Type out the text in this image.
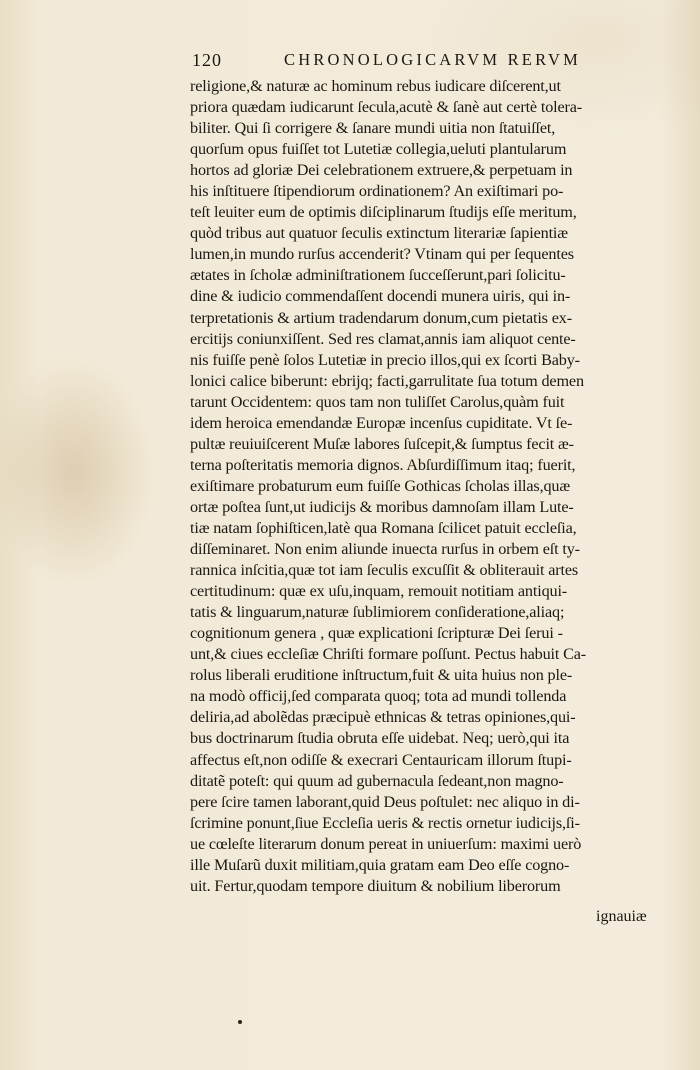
120	CHRONOLOGICARVM RERVM
religione,& naturæ ac hominum rebus iudicare diſcerent,ut
priora quædam iudicarunt ſecula,acutè & ſanè aut certè tolera-
biliter. Qui ſi corrigere & ſanare mundi uitia non ſtatuiſſet,
quorſum opus fuiſſet tot Lutetiæ collegia,ueluti plantularum
hortos ad gloriæ Dei celebrationem extruere,& perpetuam in
his inſtituere ſtipendiorum ordinationem? An exiſtimari po-
teſt leuiter eum de optimis diſciplinarum ſtudijs eſſe meritum,
quòd tribus aut quatuor ſeculis extinctum literariæ ſapientiæ
lumen,in mundo rurſus accenderit? Vtinam qui per ſequentes
ætates in ſcholæ adminiſtrationem ſucceſſerunt,pari ſolicitu-
dine & iudicio commendaſſent docendi munera uiris, qui in-
terpretationis & artium tradendarum donum,cum pietatis ex-
ercitijs coniunxiſſent. Sed res clamat,annis iam aliquot cente-
nis fuiſſe penè ſolos Lutetiæ in precio illos,qui ex ſcorti Baby-
lonici calice biberunt: ebrijq; facti,garrulitate ſua totum demen
tarunt Occidentem: quos tam non tuliſſet Carolus,quàm fuit
idem heroica emendandæ Europæ incenſus cupiditate. Vt ſe-
pultæ reuiuiſcerent Muſæ labores ſuſcepit,& ſumptus fecit æ-
terna poſteritatis memoria dignos. Abſurdiſſimum itaq; fuerit,
exiſtimare probaturum eum fuiſſe Gothicas ſcholas illas,quæ
ortæ poſtea ſunt,ut iudicijs & moribus damnoſam illam Lute-
tiæ natam ſophiſticen,latè qua Romana ſcilicet patuit eccleſia,
diſſeminaret. Non enim aliunde inuecta rurſus in orbem eſt ty-
rannica inſcitia,quæ tot iam ſeculis excuſſit & obliterauit artes
certitudinum: quæ ex uſu,inquam, remouit notitiam antiqui-
tatis & linguarum,naturæ ſublimiorem conſideratione,aliaq;
cognitionum genera , quæ explicationi ſcripturæ Dei ſerui -
unt,& ciues eccleſiæ Chriſti formare poſſunt. Pectus habuit Ca-
rolus liberali eruditione inſtructum,fuit & uita huius non ple-
na modò officij,ſed comparata quoq; tota ad mundi tollenda
deliria,ad abolẽdas præcipuè ethnicas & tetras opiniones,qui-
bus doctrinarum ſtudia obruta eſſe uidebat. Neq; uerò,qui ita
affectus eſt,non odiſſe & execrari Centauricam illorum ſtupi-
ditatẽ poteſt: qui quum ad gubernacula ſedeant,non magno-
pere ſcire tamen laborant,quid Deus poſtulet: nec aliquo in di-
ſcrimine ponunt,ſiue Eccleſia ueris & rectis ornetur iudicijs,ſi-
ue cœleſte literarum donum pereat in uniuerſum: maximi uerò
ille Muſarũ duxit militiam,quia gratam eam Deo eſſe cogno-
uit. Fertur,quodam tempore diuitum & nobilium liberorum
ignauiæ
